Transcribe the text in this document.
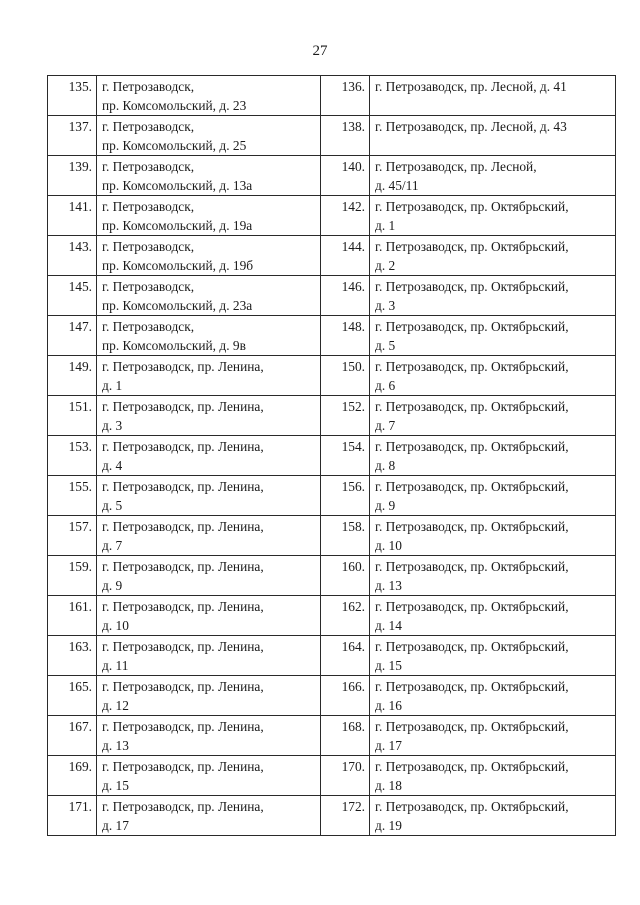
27
135.	г. Петрозаводск,
пр. Комсомольский, д. 23	136.	г. Петрозаводск, пр. Лесной, д. 41

137.	г. Петрозаводск,
пр. Комсомольский, д. 25	138.	г. Петрозаводск, пр. Лесной, д. 43

139.	г. Петрозаводск,
пр. Комсомольский, д. 13а	140.	г. Петрозаводск, пр. Лесной,
д. 45/11

141.	г. Петрозаводск,
пр. Комсомольский, д. 19а	142.	г. Петрозаводск, пр. Октябрьский,
д. 1

143.	г. Петрозаводск,
пр. Комсомольский, д. 19б	144.	г. Петрозаводск, пр. Октябрьский,
д. 2

145.	г. Петрозаводск,
пр. Комсомольский, д. 23а	146.	г. Петрозаводск, пр. Октябрьский,
д. 3

147.	г. Петрозаводск,
пр. Комсомольский, д. 9в	148.	г. Петрозаводск, пр. Октябрьский,
д. 5

149.	г. Петрозаводск, пр. Ленина,
д. 1	150.	г. Петрозаводск, пр. Октябрьский,
д. 6

151.	г. Петрозаводск, пр. Ленина,
д. 3	152.	г. Петрозаводск, пр. Октябрьский,
д. 7

153.	г. Петрозаводск, пр. Ленина,
д. 4	154.	г. Петрозаводск, пр. Октябрьский,
д. 8

155.	г. Петрозаводск, пр. Ленина,
д. 5	156.	г. Петрозаводск, пр. Октябрьский,
д. 9

157.	г. Петрозаводск, пр. Ленина,
д. 7	158.	г. Петрозаводск, пр. Октябрьский,
д. 10

159.	г. Петрозаводск, пр. Ленина,
д. 9	160.	г. Петрозаводск, пр. Октябрьский,
д. 13

161.	г. Петрозаводск, пр. Ленина,
д. 10	162.	г. Петрозаводск, пр. Октябрьский,
д. 14

163.	г. Петрозаводск, пр. Ленина,
д. 11	164.	г. Петрозаводск, пр. Октябрьский,
д. 15

165.	г. Петрозаводск, пр. Ленина,
д. 12	166.	г. Петрозаводск, пр. Октябрьский,
д. 16

167.	г. Петрозаводск, пр. Ленина,
д. 13	168.	г. Петрозаводск, пр. Октябрьский,
д. 17

169.	г. Петрозаводск, пр. Ленина,
д. 15	170.	г. Петрозаводск, пр. Октябрьский,
д. 18

171.	г. Петрозаводск, пр. Ленина,
д. 17	172.	г. Петрозаводск, пр. Октябрьский,
д. 19
